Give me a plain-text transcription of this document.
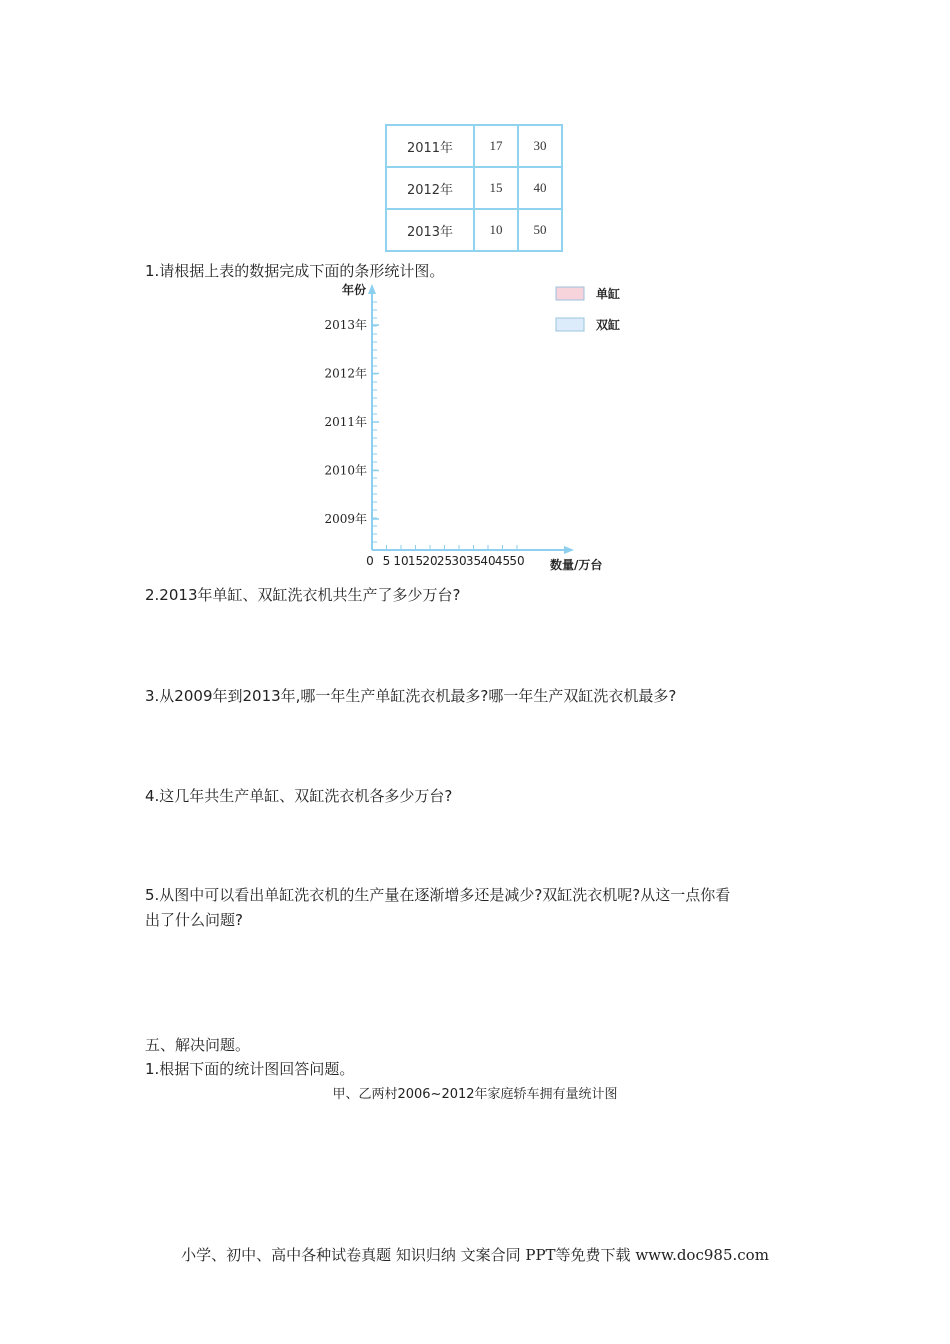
2011年	17	30
2012年	15	40
2013年	10	50
1.请根据上表的数据完成下面的条形统计图。
2009年
2010年
2011年
2012年
2013年
0 5 10 15 20 25 30 35 40 45 50
年份
数量/万台
单缸
双缸
2.2013年单缸、双缸洗衣机共生产了多少万台?
3.从2009年到2013年,哪一年生产单缸洗衣机最多?哪一年生产双缸洗衣机最多?
4.这几年共生产单缸、双缸洗衣机各多少万台?
5.从图中可以看出单缸洗衣机的生产量在逐渐增多还是减少?双缸洗衣机呢?从这一点你看
出了什么问题?
五、解决问题。
1.根据下面的统计图回答问题。
甲、乙两村2006~2012年家庭轿车拥有量统计图
小学、初中、高中各种试卷真题 知识归纳 文案合同 PPT等免费下载 www.doc985.com
